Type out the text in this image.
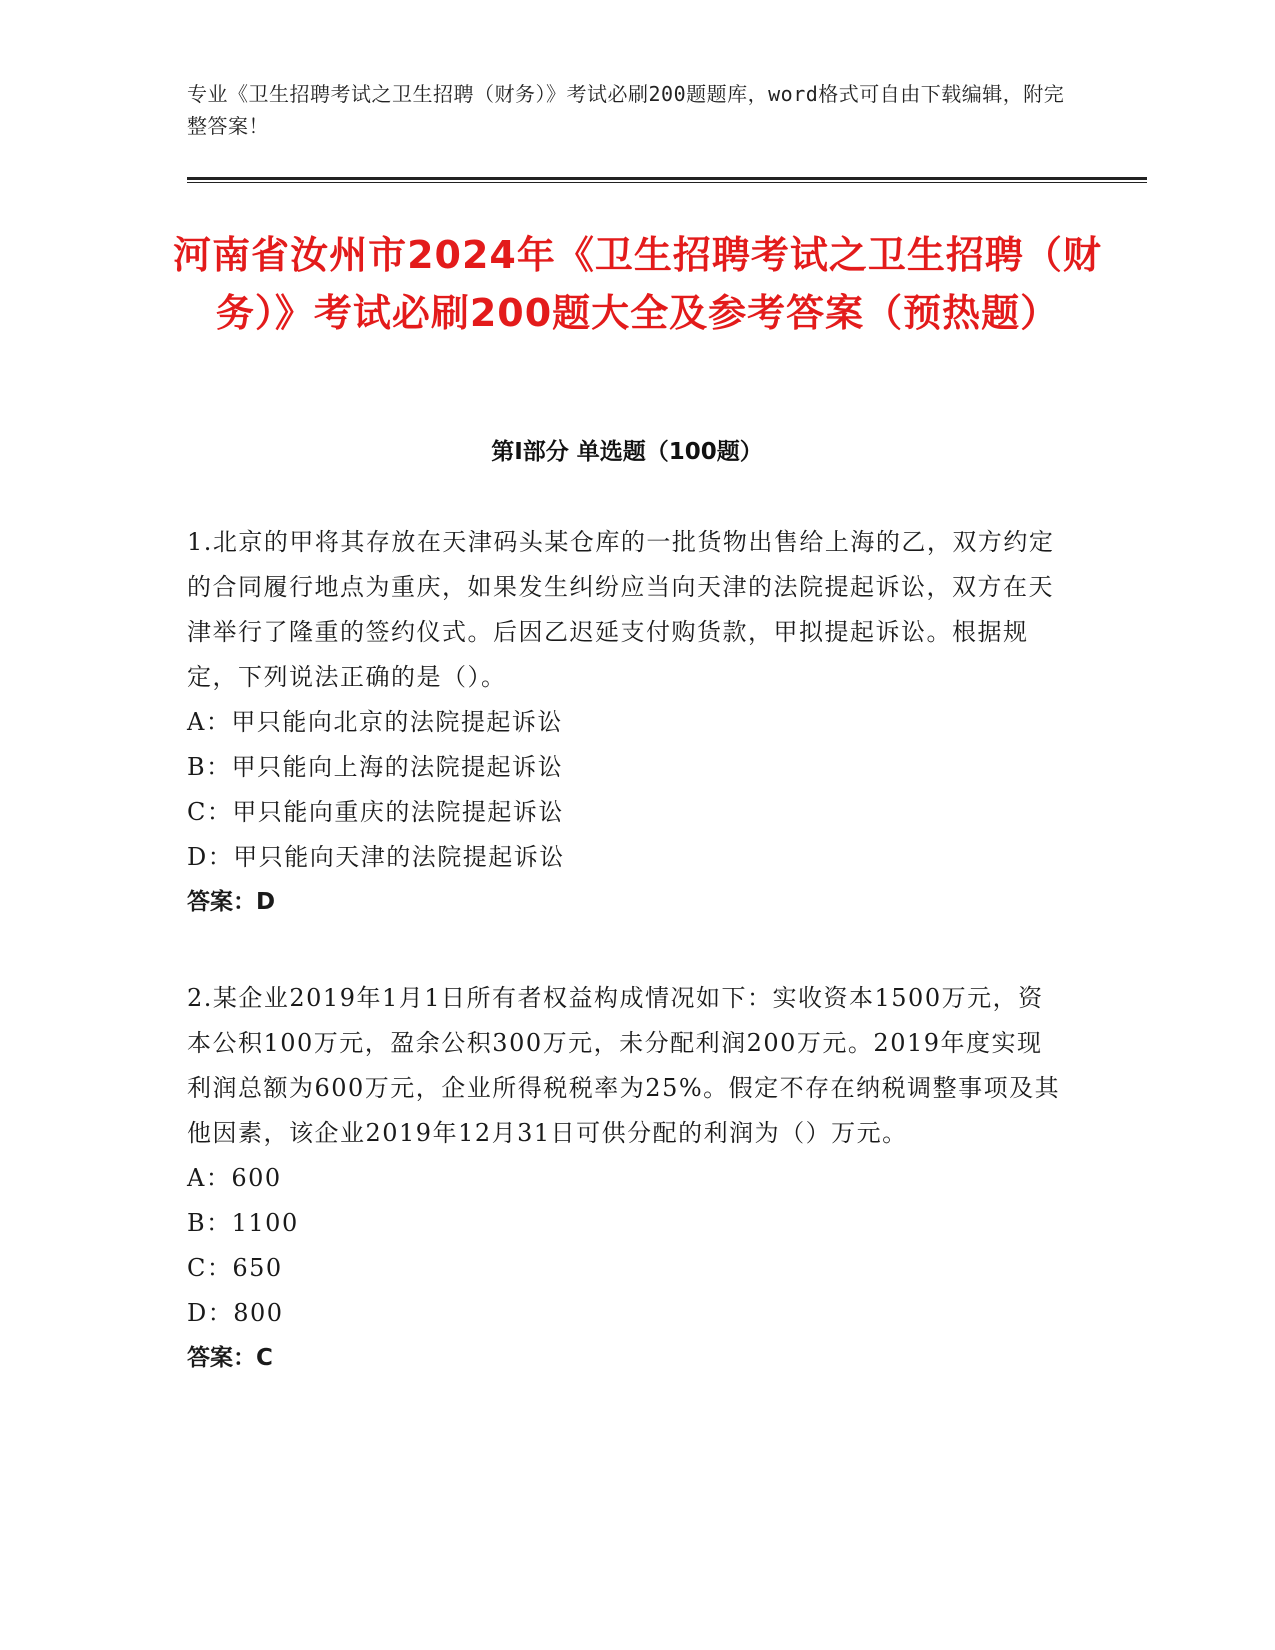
专业《卫生招聘考试之卫生招聘（财务）》考试必刷200题题库，word格式可自由下载编辑，附完整答案！
河南省汝州市2024年《卫生招聘考试之卫生招聘（财务）》考试必刷200题大全及参考答案（预热题）
第I部分 单选题（100题）
1.北京的甲将其存放在天津码头某仓库的一批货物出售给上海的乙，双方约定的合同履行地点为重庆，如果发生纠纷应当向天津的法院提起诉讼，双方在天津举行了隆重的签约仪式。后因乙迟延支付购货款，甲拟提起诉讼。根据规定，下列说法正确的是（）。
A：甲只能向北京的法院提起诉讼
B：甲只能向上海的法院提起诉讼
C：甲只能向重庆的法院提起诉讼
D：甲只能向天津的法院提起诉讼
答案：D
2.某企业2019年1月1日所有者权益构成情况如下：实收资本1500万元，资本公积100万元，盈余公积300万元，未分配利润200万元。2019年度实现利润总额为600万元，企业所得税税率为25%。假定不存在纳税调整事项及其他因素，该企业2019年12月31日可供分配的利润为（）万元。
A：600
B：1100
C：650
D：800
答案：C
